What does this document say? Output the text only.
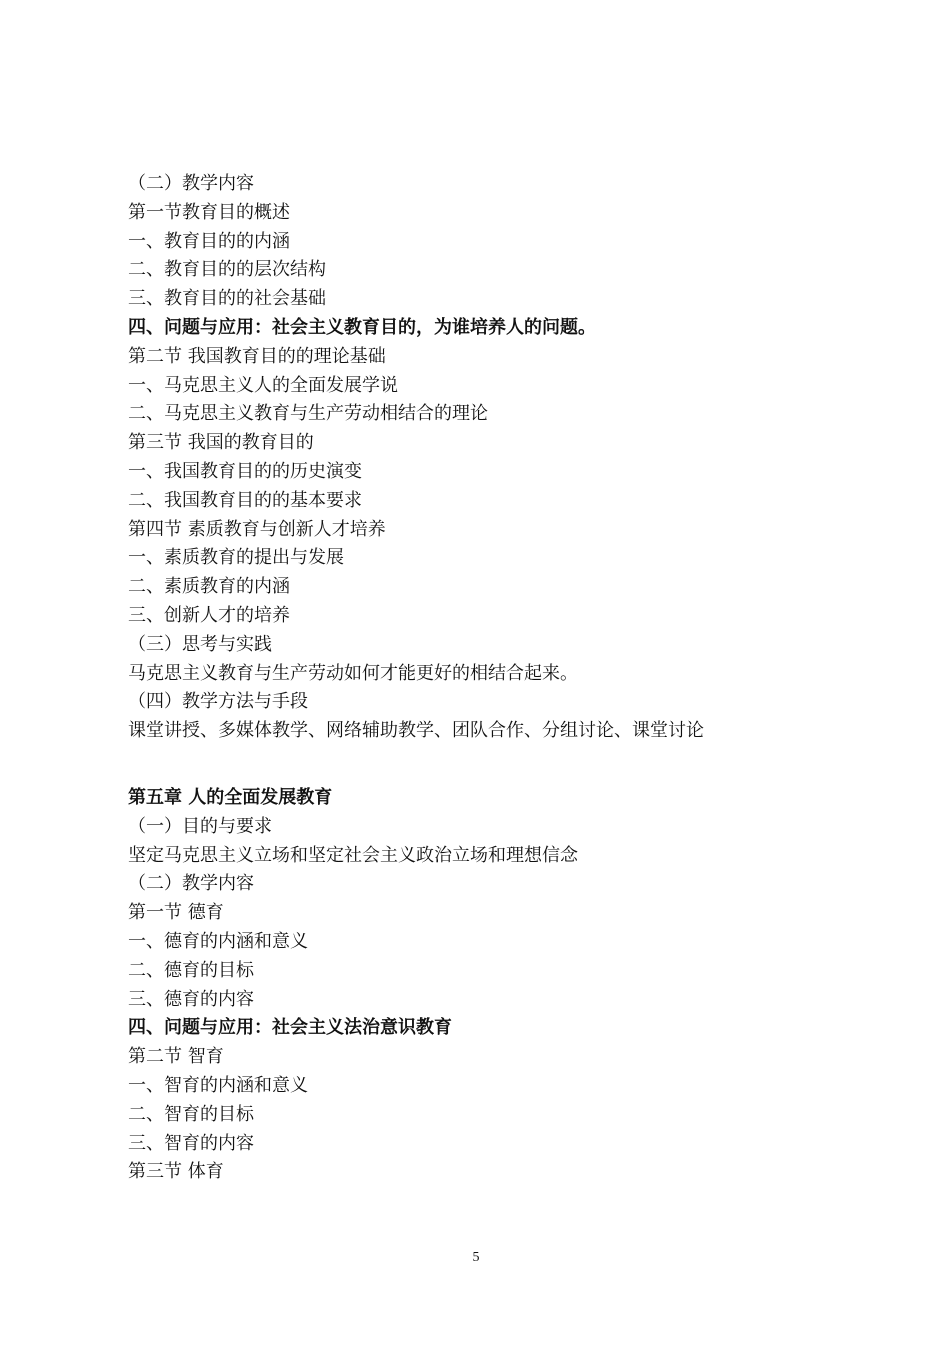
（二）教学内容
第一节教育目的概述
一、教育目的的内涵
二、教育目的的层次结构
三、教育目的的社会基础
四、问题与应用：社会主义教育目的，为谁培养人的问题。
第二节 我国教育目的的理论基础
一、马克思主义人的全面发展学说
二、马克思主义教育与生产劳动相结合的理论
第三节 我国的教育目的
一、我国教育目的的历史演变
二、我国教育目的的基本要求
第四节 素质教育与创新人才培养
一、素质教育的提出与发展
二、素质教育的内涵
三、创新人才的培养
（三）思考与实践
马克思主义教育与生产劳动如何才能更好的相结合起来。
（四）教学方法与手段
课堂讲授、多媒体教学、网络辅助教学、团队合作、分组讨论、课堂讨论
第五章 人的全面发展教育
（一）目的与要求
坚定马克思主义立场和坚定社会主义政治立场和理想信念
（二）教学内容
第一节 德育
一、德育的内涵和意义
二、德育的目标
三、德育的内容
四、问题与应用：社会主义法治意识教育
第二节 智育
一、智育的内涵和意义
二、智育的目标
三、智育的内容
第三节 体育
5
